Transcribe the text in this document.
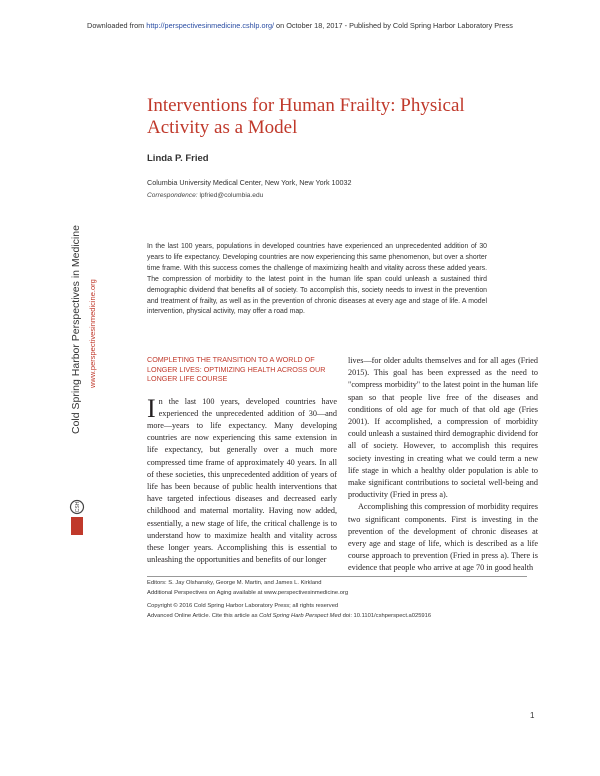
Downloaded from http://perspectivesinmedicine.cshlp.org/ on October 18, 2017 - Published by Cold Spring Harbor Laboratory Press
Cold Spring Harbor Perspectives in Medicine www.perspectivesinmedicine.org
CSH
Interventions for Human Frailty: Physical Activity as a Model
Linda P. Fried
Columbia University Medical Center, New York, New York 10032
Correspondence: lpfried@columbia.edu
In the last 100 years, populations in developed countries have experienced an unprecedented addition of 30 years to life expectancy. Developing countries are now experiencing this same phenomenon, but over a shorter time frame. With this success comes the challenge of maximizing health and vitality across these added years. The compression of morbidity to the latest point in the human life span could unleash a sustained third demographic dividend that benefits all of society. To accomplish this, society needs to invest in the prevention and treatment of frailty, as well as in the prevention of chronic diseases at every age and stage of life. A model intervention, physical activity, may offer a road map.
COMPLETING THE TRANSITION TO A WORLD OF LONGER LIVES: OPTIMIZING HEALTH ACROSS OUR LONGER LIFE COURSE

In the last 100 years, developed countries have experienced the unprecedented addition of 30—and more—years to life expectancy. Many developing countries are now experiencing this same extension in life expectancy, but generally over a much more compressed time frame of approximately 40 years. In all of these societies, this unprecedented addition of years of life has been because of public health interventions that have targeted infectious diseases and decreased early childhood and maternal mortality. Having now added, essentially, a new stage of life, the critical challenge is to understand how to maximize health and vitality across these longer years. Accomplishing this is essential to unleashing the opportunities and benefits of our longer

lives—for older adults themselves and for all ages (Fried 2015). This goal has been expressed as the need to "compress morbidity" to the latest point in the human life span so that people live free of the diseases and conditions of old age for much of that old age (Fries 2001). If accomplished, a compression of morbidity could unleash a sustained third demographic dividend for all of society. However, to accomplish this requires society investing in creating what we could term a new life stage in which a healthy older population is able to make significant contributions to societal well-being and productivity (Fried in press a).

Accomplishing this compression of morbidity requires two significant components. First is investing in the prevention of the development of chronic diseases at every age and stage of life, which is described as a life course approach to prevention (Fried in press a). There is evidence that people who arrive at age 70 in good health

Editors: S. Jay Olshansky, George M. Martin, and James L. Kirkland
Additional Perspectives on Aging available at www.perspectivesinmedicine.org
Copyright © 2016 Cold Spring Harbor Laboratory Press; all rights reserved
Advanced Online Article. Cite this article as Cold Spring Harb Perspect Med doi: 10.1101/cshperspect.a025916
1
